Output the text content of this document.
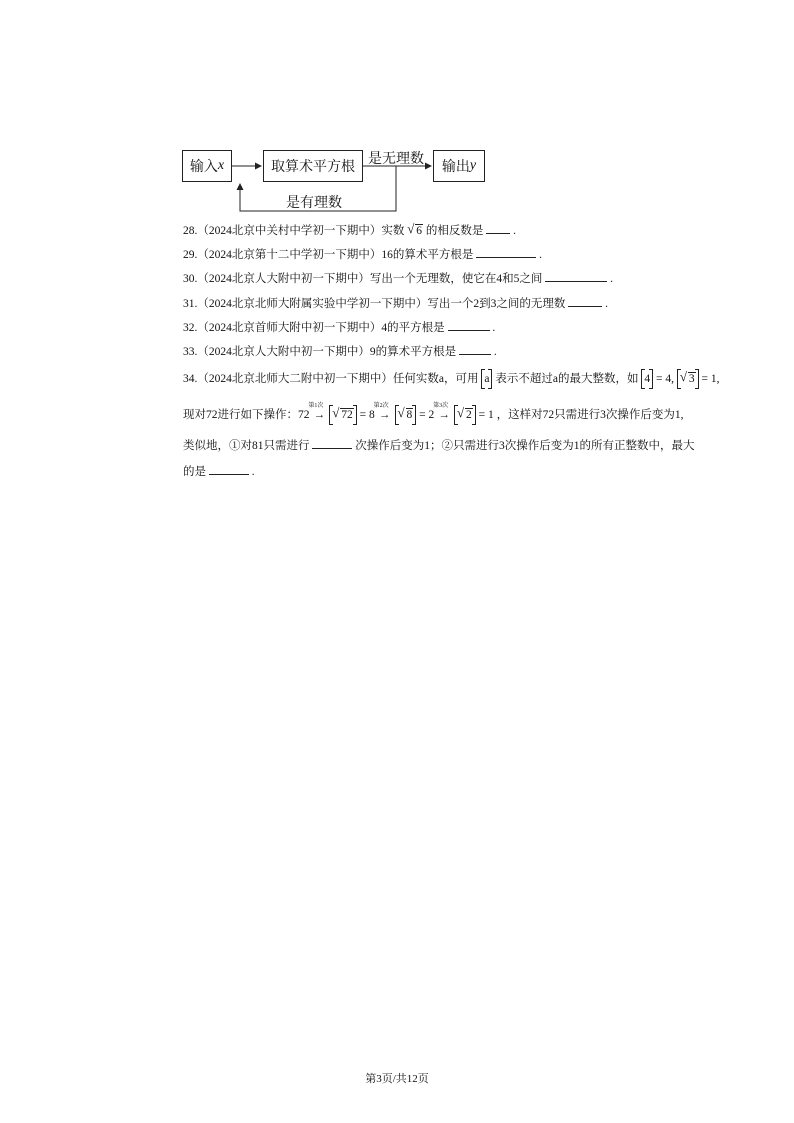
输入 x	取算术平方根	输出 y
是无理数
是有理数
28.（2024北京中关村中学初一下期中）实数 √ 6 的相反数是	.
29.（2024北京第十二中学初一下期中）16的算术平方根是	.
30.（2024北京人大附中初一下期中）写出一个无理数，使它在4和5之间	.
31.（2024北京北师大附属实验中学初一下期中）写出一个2到3之间的无理数	.
32.（2024北京首师大附中初一下期中）4的平方根是	.
33.（2024北京人大附中初一下期中）9的算术平方根是	.
34.（2024北京北师大二附中初一下期中）任何实数a，可用 a 表示不超过a的最大整数，如 4 = 4, √ 3 = 1,
现对72进行如下操作：72
第1次
→ √ 72 = 8
第2次
→ √ 8 = 2
第3次
→ √ 2 = 1 ，这样对72只需进行3次操作后变为1,
类似地，①对81只需进行	次操作后变为1；②只需进行3次操作后变为1的所有正整数中，最大
的是	.
第3页/共12页
